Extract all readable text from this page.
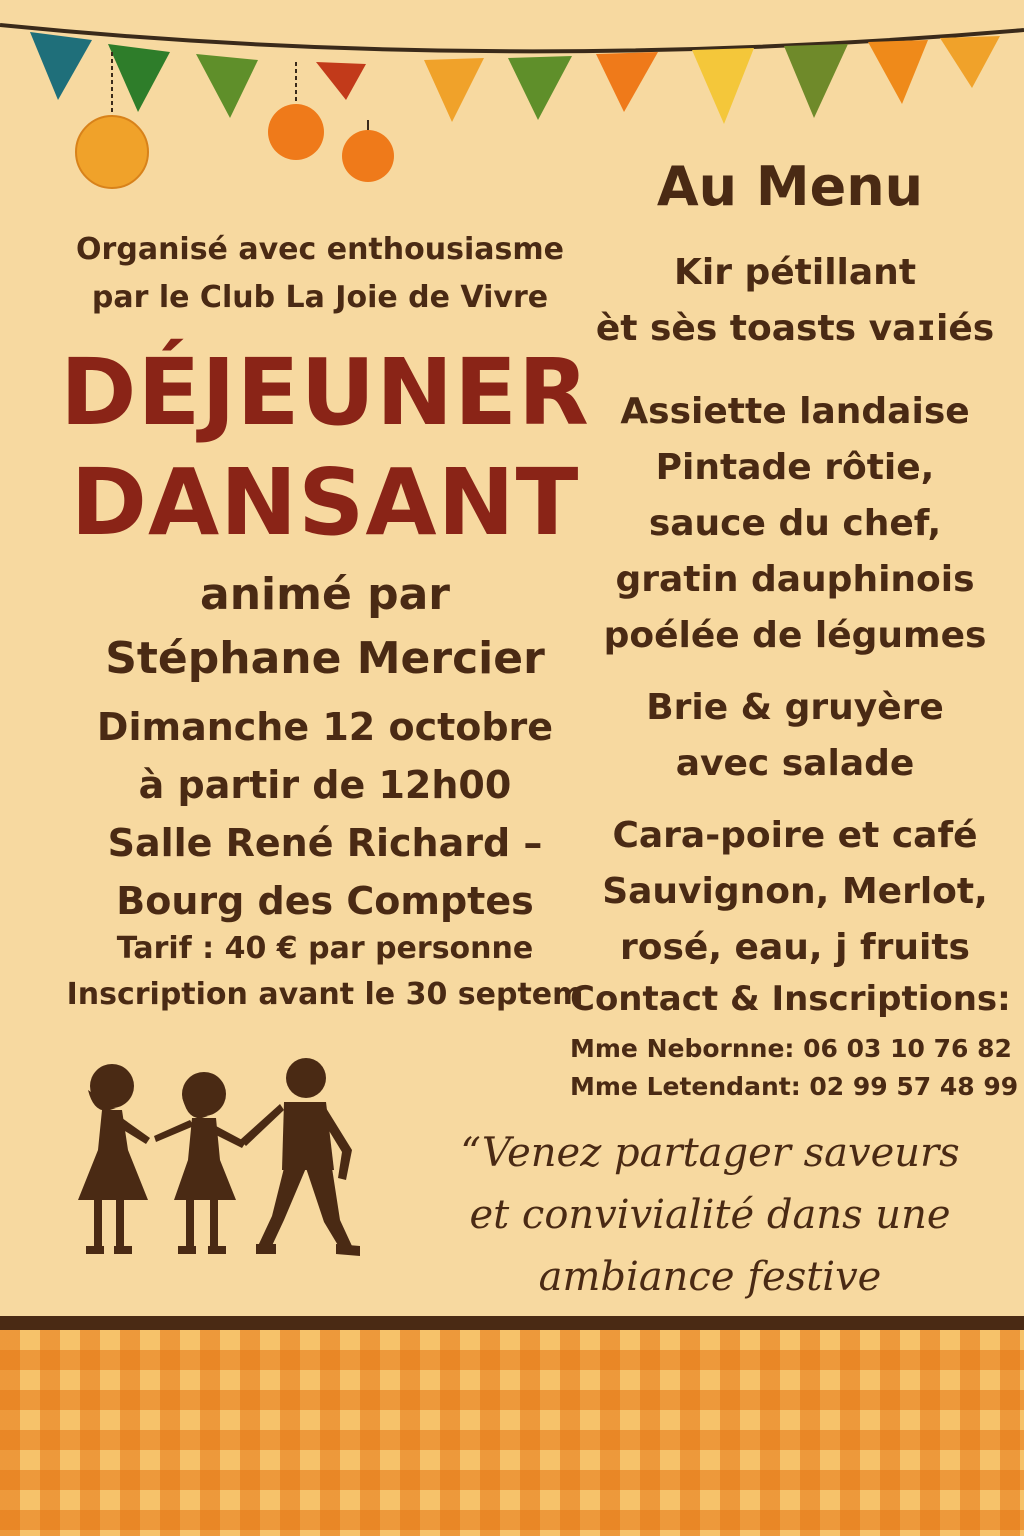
Organisé avec enthousiasme
par le Club La Joie de Vivre
DÉJEUNER
DANSANT
animé par
Stéphane Mercier
Dimanche 12 octobre
à partir de 12h00
Salle René Richard –
Bourg des Comptes
Tarif : 40 € par personne
Inscription avant le 30 septem
Au Menu
Kir pétillant
èt sès toasts vaɪiés
Assiette landaise
Pintade rôtie,
sauce du chef,
gratin dauphinois
poélée de légumes
Brie & gruyère
avec salade
Cara-poire et café
Sauvignon, Merlot,
rosé, eau, j fruits
Contact & Inscriptions:
Mme Nebornne: 06 03 10 76 82
Mme Letendant: 02 99 57 48 99
“Venez partager saveurs
et convivialité dans une
ambiance festive
